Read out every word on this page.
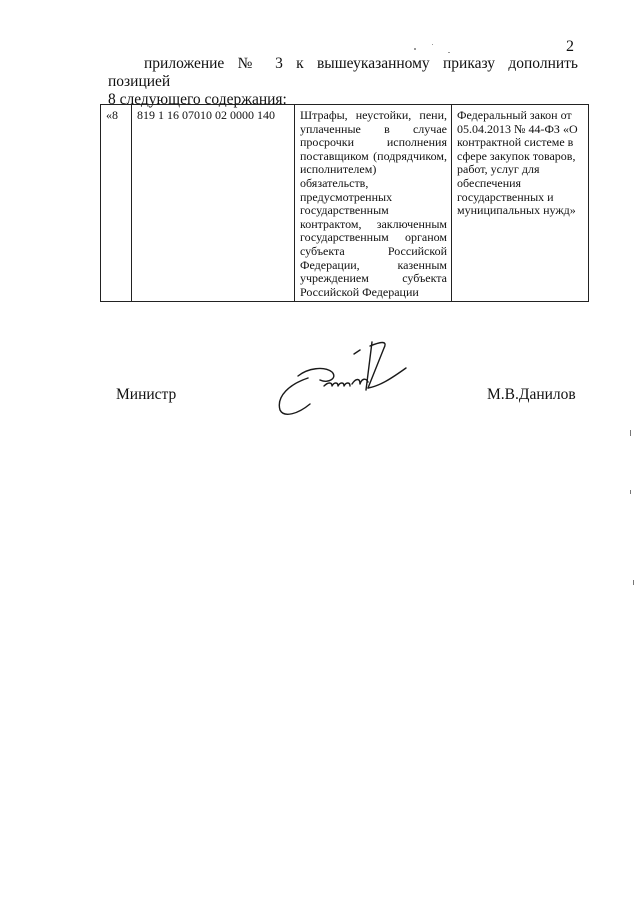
2
приложение № 3 к вышеуказанному приказу дополнить позицией
8 следующего содержания:
«8	819 1 16 07010 02 0000 140	Штрафы, неустойки, пени, уплаченные в случае просрочки исполнения поставщиком (подрядчиком, исполнителем) обязательств, предусмотренных государственным контрактом, заключенным государственным органом субъекта Российской Федерации, казенным учреждением субъекта Российской Федерации	Федеральный закон от 05.04.2013 № 44-ФЗ «О контрактной системе в сфере закупок товаров, работ, услуг для обеспечения государственных и муниципальных нужд»
Министр	М.В.Данилов
